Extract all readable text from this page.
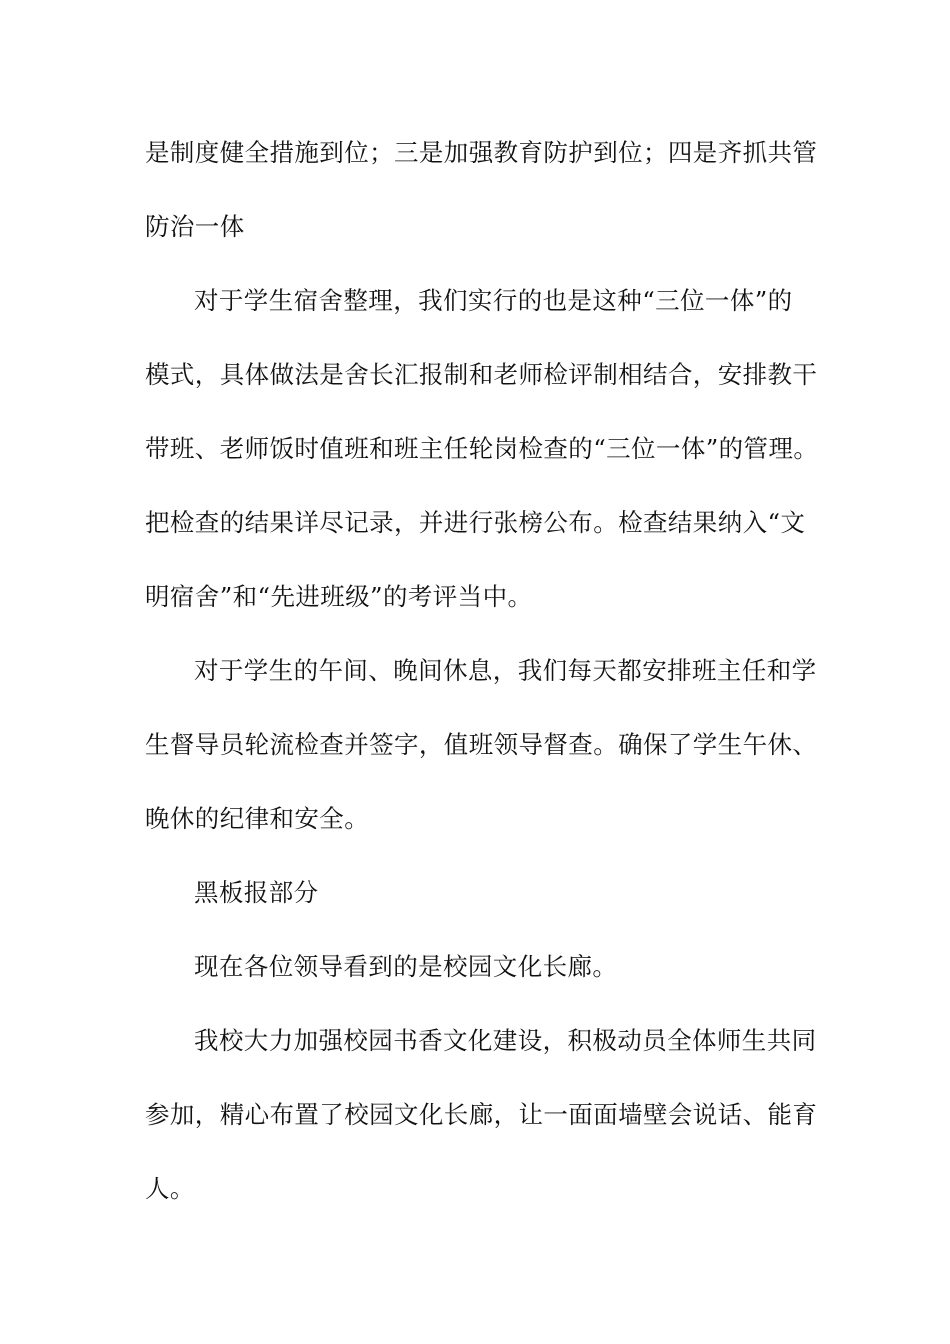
是制度健全措施到位；三是加强教育防护到位；四是齐抓共管
防治一体
对于学生宿舍整理，我们实行的也是这种“三位一体”的
模式，具体做法是舍长汇报制和老师检评制相结合，安排教干
带班、老师饭时值班和班主任轮岗检查的“三位一体”的管理。
把检查的结果详尽记录，并进行张榜公布。检查结果纳入“文
明宿舍”和“先进班级”的考评当中。
对于学生的午间、晚间休息，我们每天都安排班主任和学
生督导员轮流检查并签字，值班领导督查。确保了学生午休、
晚休的纪律和安全。
黑板报部分
现在各位领导看到的是校园文化长廊。
我校大力加强校园书香文化建设，积极动员全体师生共同
参加，精心布置了校园文化长廊，让一面面墙壁会说话、能育
人。
